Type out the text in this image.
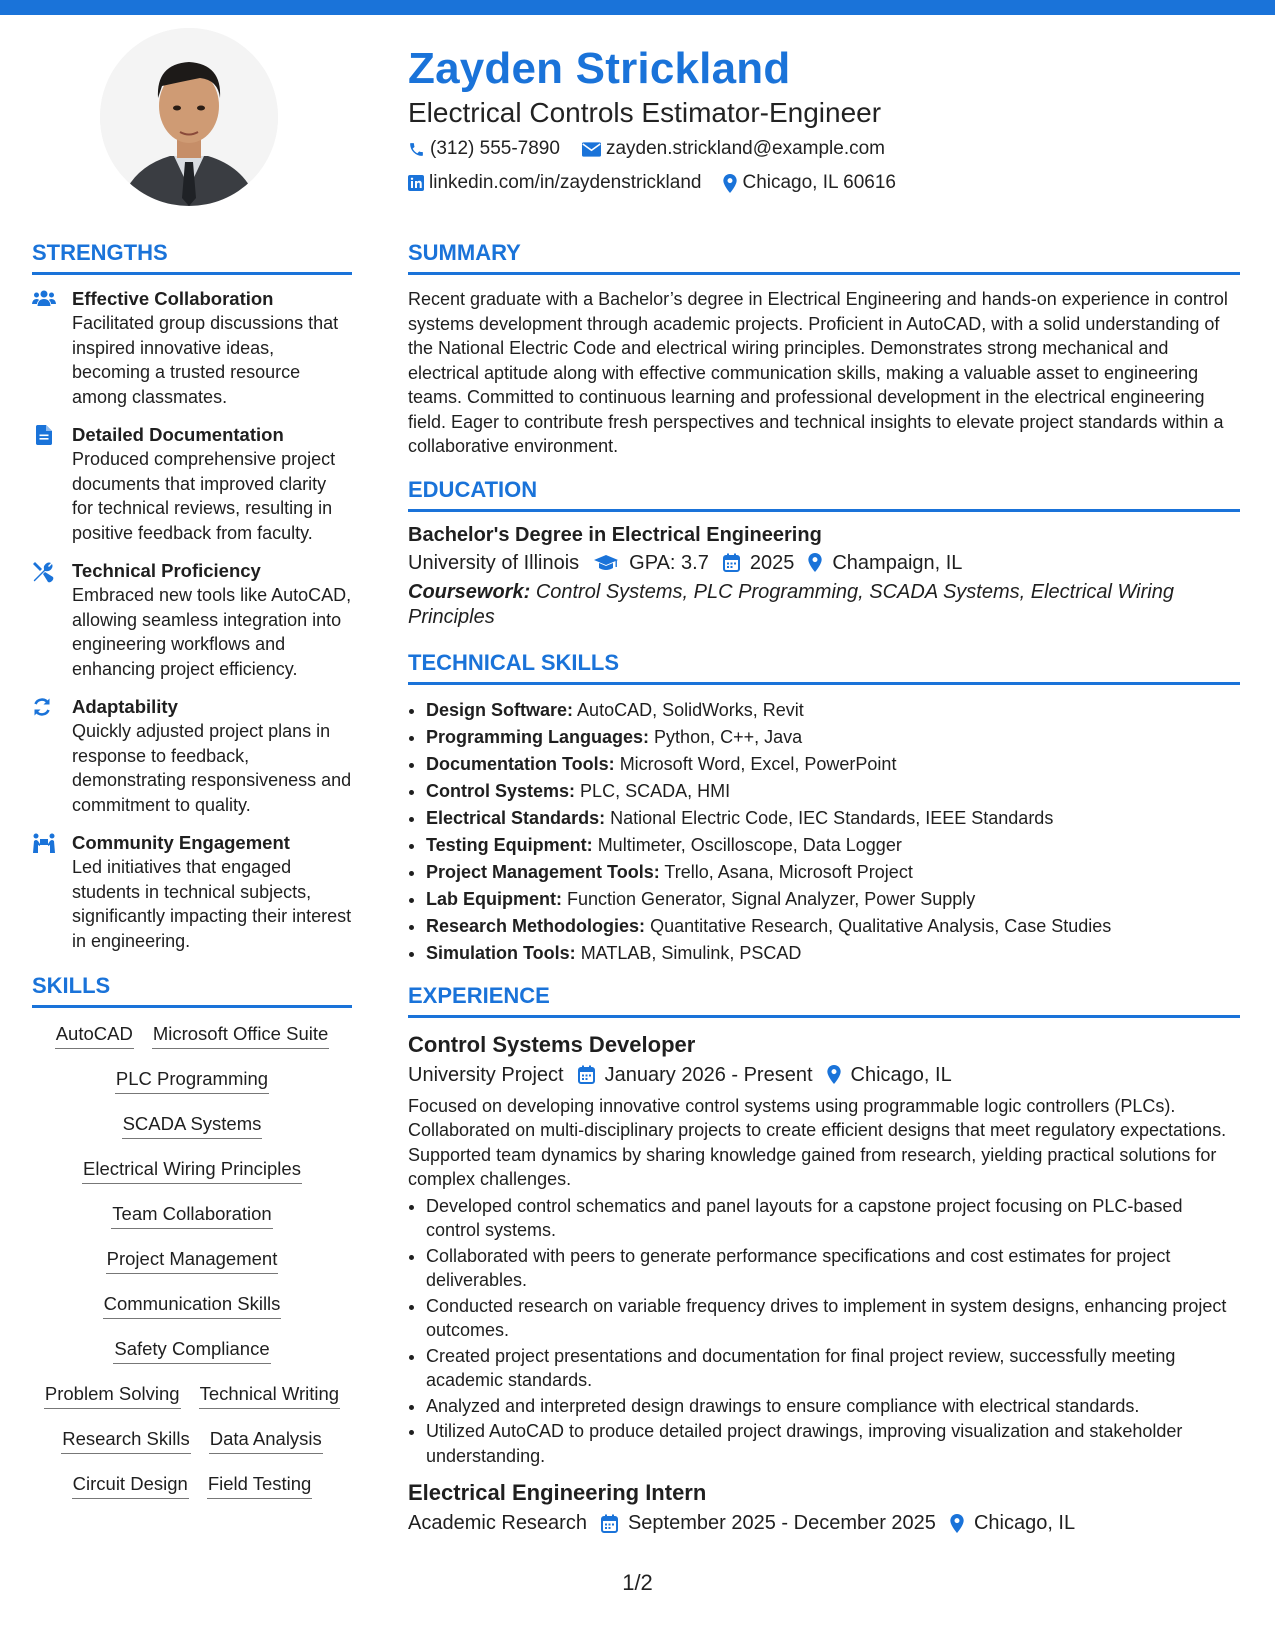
Zayden Strickland
Electrical Controls Estimator-Engineer
(312) 555-7890 zayden.strickland@example.com
linkedin.com/in/zaydenstrickland Chicago, IL 60616
STRENGTHS
Effective Collaboration
Facilitated group discussions that inspired innovative ideas, becoming a trusted resource among classmates.
Detailed Documentation
Produced comprehensive project documents that improved clarity for technical reviews, resulting in positive feedback from faculty.
Technical Proficiency
Embraced new tools like AutoCAD, allowing seamless integration into engineering workflows and enhancing project efficiency.
Adaptability
Quickly adjusted project plans in response to feedback, demonstrating responsiveness and commitment to quality.
Community Engagement
Led initiatives that engaged students in technical subjects, significantly impacting their interest in engineering.
SKILLS
AutoCAD Microsoft Office Suite
PLC Programming
SCADA Systems
Electrical Wiring Principles
Team Collaboration
Project Management
Communication Skills
Safety Compliance
Problem Solving Technical Writing
Research Skills Data Analysis
Circuit Design Field Testing
SUMMARY

Recent graduate with a Bachelor’s degree in Electrical Engineering and hands-on experience in control systems development through academic projects. Proficient in AutoCAD, with a solid understanding of the National Electric Code and electrical wiring principles. Demonstrates strong mechanical and electrical aptitude along with effective communication skills, making a valuable asset to engineering teams. Committed to continuous learning and professional development in the electrical engineering field. Eager to contribute fresh perspectives and technical insights to elevate project standards within a collaborative environment.

EDUCATION
Bachelor's Degree in Electrical Engineering
University of Illinois	GPA: 3.7 2025 Champaign, IL
Coursework: Control Systems, PLC Programming, SCADA Systems, Electrical Wiring Principles
TECHNICAL SKILLS
• Design Software: AutoCAD, SolidWorks, Revit
• Programming Languages: Python, C++, Java
• Documentation Tools: Microsoft Word, Excel, PowerPoint
• Control Systems: PLC, SCADA, HMI
• Electrical Standards: National Electric Code, IEC Standards, IEEE Standards
• Testing Equipment: Multimeter, Oscilloscope, Data Logger
• Project Management Tools: Trello, Asana, Microsoft Project
• Lab Equipment: Function Generator, Signal Analyzer, Power Supply
• Research Methodologies: Quantitative Research, Qualitative Analysis, Case Studies
• Simulation Tools: MATLAB, Simulink, PSCAD
EXPERIENCE
Control Systems Developer
University Project January 2026 - Present Chicago, IL

Focused on developing innovative control systems using programmable logic controllers (PLCs). Collaborated on multi-disciplinary projects to create efficient designs that meet regulatory expectations. Supported team dynamics by sharing knowledge gained from research, yielding practical solutions for complex challenges.

• Developed control schematics and panel layouts for a capstone project focusing on PLC-based control systems.
• Collaborated with peers to generate performance specifications and cost estimates for project deliverables.
• Conducted research on variable frequency drives to implement in system designs, enhancing project outcomes.
• Created project presentations and documentation for final project review, successfully meeting academic standards.
• Analyzed and interpreted design drawings to ensure compliance with electrical standards.
• Utilized AutoCAD to produce detailed project drawings, improving visualization and stakeholder understanding.
Electrical Engineering Intern
Academic Research September 2025 - December 2025 Chicago, IL
1/2
